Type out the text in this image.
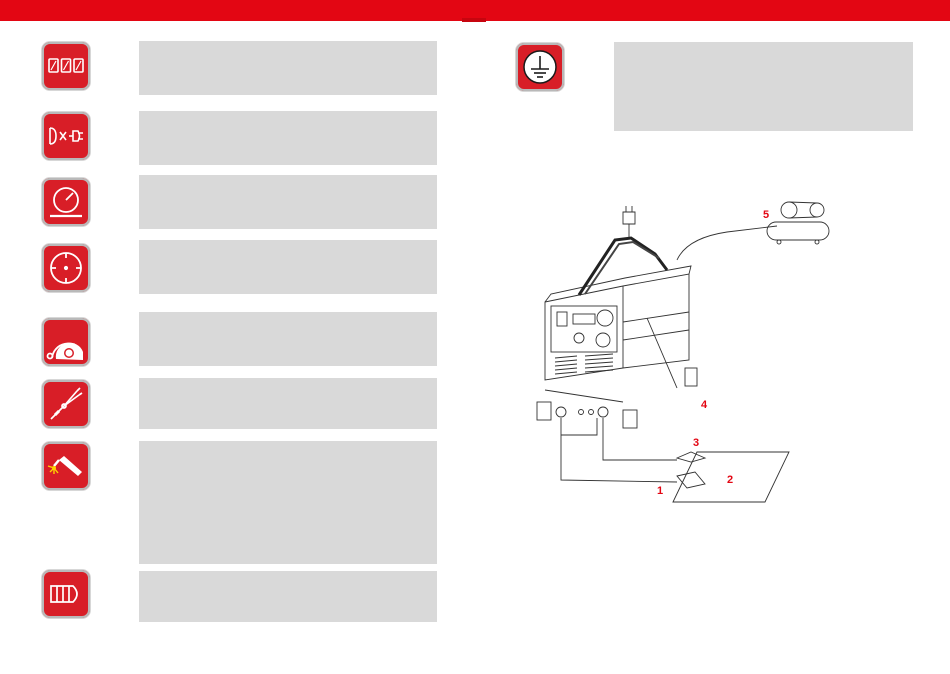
5
4
3
2
1
